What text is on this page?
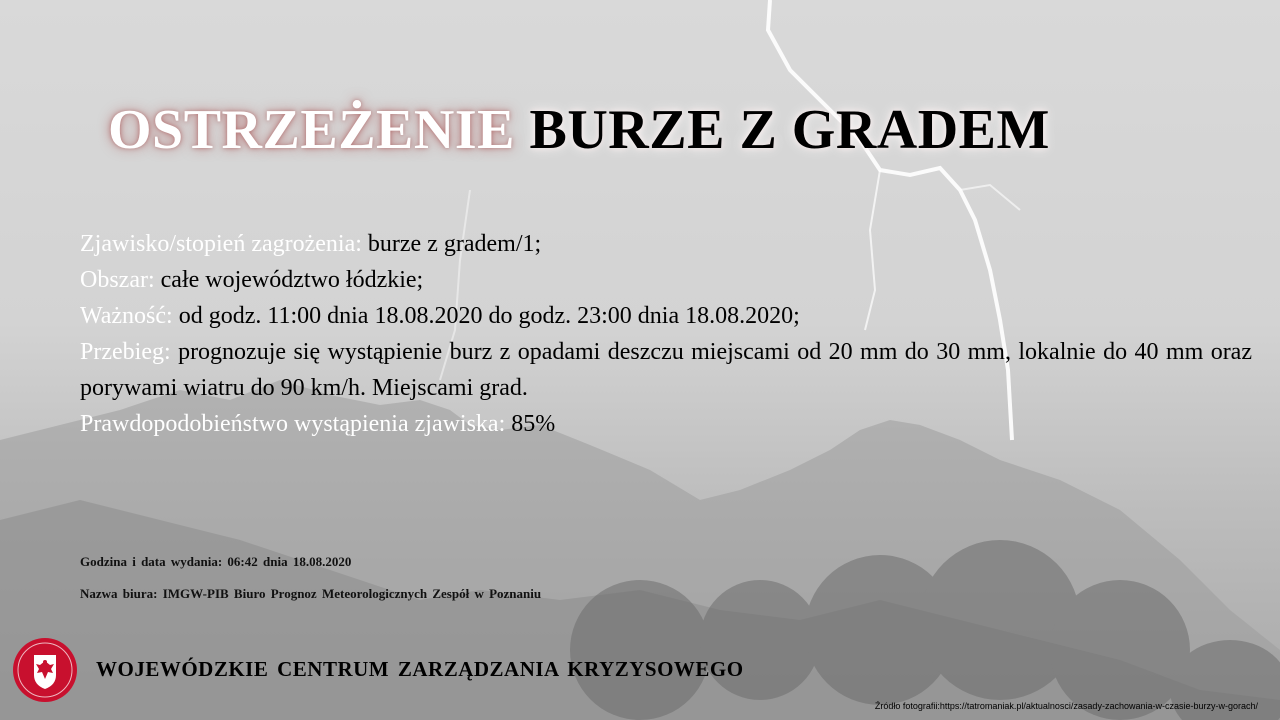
OSTRZEŻENIE BURZE Z GRADEM
Zjawisko/stopień zagrożenia: burze z gradem/1;
Obszar: całe województwo łódzkie;
Ważność: od godz. 11:00 dnia 18.08.2020 do godz. 23:00 dnia 18.08.2020;
Przebieg: prognozuje się wystąpienie burz z opadami deszczu miejscami od 20 mm do 30 mm, lokalnie do 40 mm oraz porywami wiatru do 90 km/h. Miejscami grad.
Prawdopodobieństwo wystąpienia zjawiska: 85%
Godzina i data wydania: 06:42 dnia 18.08.2020
Nazwa biura: IMGW-PIB Biuro Prognoz Meteorologicznych Zespół w Poznaniu
WOJEWÓDZKIE CENTRUM ZARZĄDZANIA KRYZYSOWEGO
Źródło fotografii:https://tatromaniak.pl/aktualnosci/zasady-zachowania-w-czasie-burzy-w-gorach/
